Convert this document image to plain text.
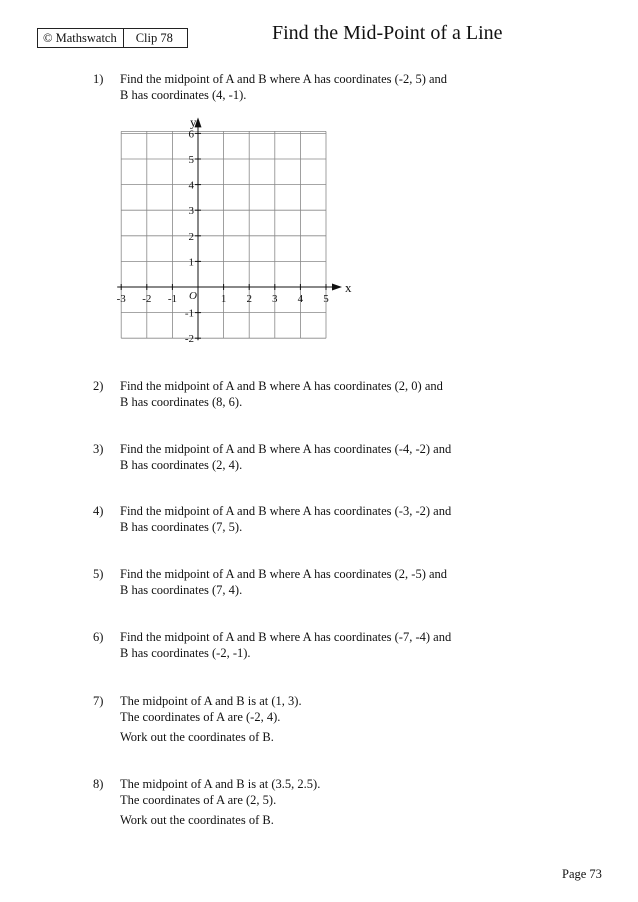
© Mathswatch	Clip 78	Find the Mid-Point of a Line
1) Find the midpoint of A and B where A has coordinates (-2, 5) and
B has coordinates (4, -1).
-3 -2 -1	1 2 3 4 5
6
5
4
3
2
1
-1
-2
x
y
O
2) Find the midpoint of A and B where A has coordinates (2, 0) and
B has coordinates (8, 6).
3) Find the midpoint of A and B where A has coordinates (-4, -2) and
B has coordinates (2, 4).
4) Find the midpoint of A and B where A has coordinates (-3, -2) and
B has coordinates (7, 5).
5) Find the midpoint of A and B where A has coordinates (2, -5) and
B has coordinates (7, 4).
6) Find the midpoint of A and B where A has coordinates (-7, -4) and
B has coordinates (-2, -1).
7) The midpoint of A and B is at (1, 3).
The coordinates of A are (-2, 4).
Work out the coordinates of B.
8) The midpoint of A and B is at (3.5, 2.5).
The coordinates of A are (2, 5).
Work out the coordinates of B.
Page 73
